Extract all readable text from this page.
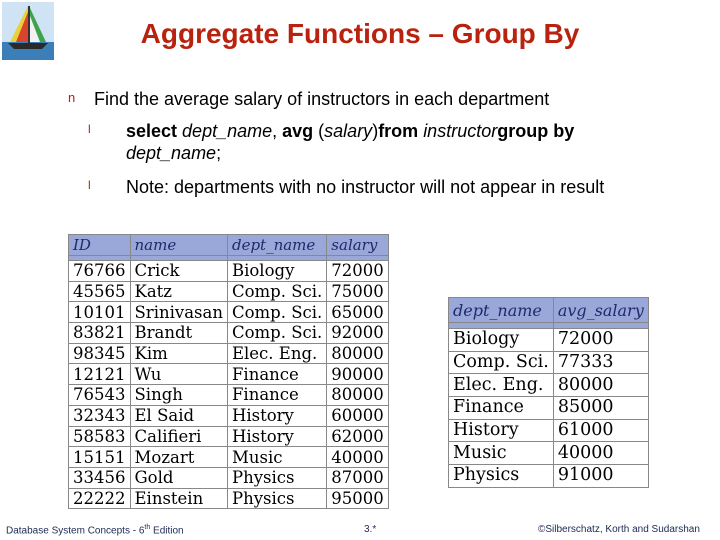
Aggregate Functions – Group By
n Find the average salary of instructors in each department
l select dept_name, avg (salary)from instructorgroup by
dept_name;
l Note: departments with no instructor will not appear in result
ID	name	dept_name	salary

76766	Crick	Biology	72000
45565	Katz	Comp. Sci.	75000
10101	Srinivasan	Comp. Sci.	65000
83821	Brandt	Comp. Sci.	92000
98345	Kim	Elec. Eng.	80000
12121	Wu	Finance	90000
76543	Singh	Finance	80000
32343	El Said	History	60000
58583	Califieri	History	62000
15151	Mozart	Music	40000
33456	Gold	Physics	87000
22222	Einstein	Physics	95000
dept_name	avg_salary

Biology	72000
Comp. Sci.	77333
Elec. Eng.	80000
Finance	85000
History	61000
Music	40000
Physics	91000
Database System Concepts - 6th Edition	3.*	©Silberschatz, Korth and Sudarshan
